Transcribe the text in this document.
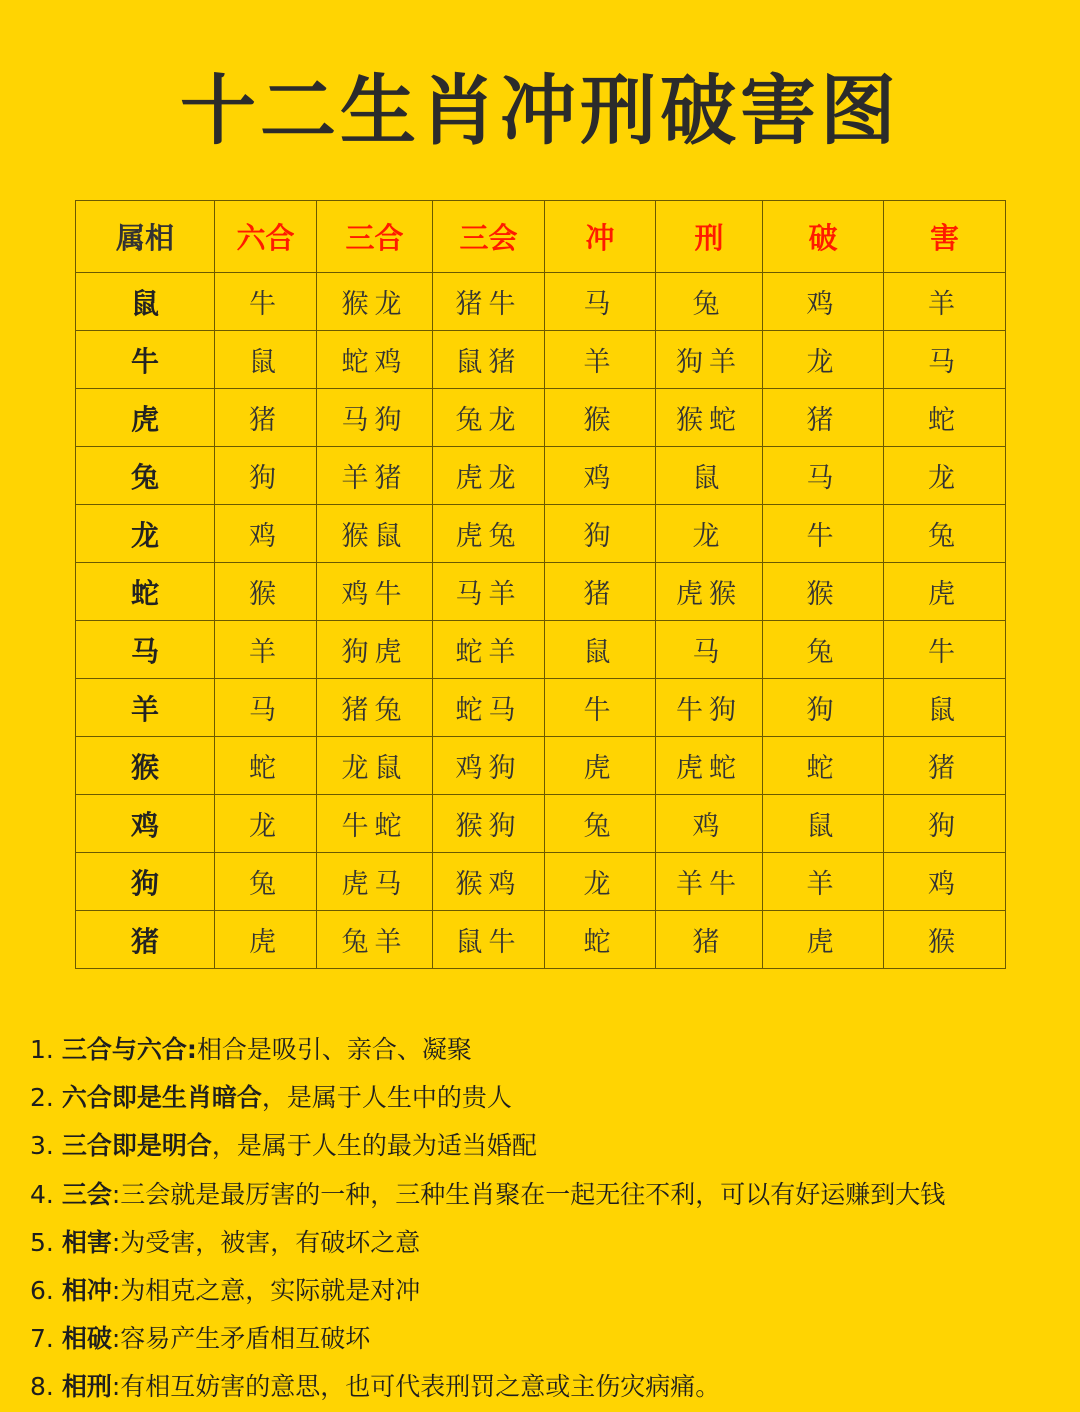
十二生肖冲刑破害图
属相	六合	三合	三会	冲	刑	破	害
鼠	牛	猴龙	猪牛	马	兔	鸡	羊
牛	鼠	蛇鸡	鼠猪	羊	狗羊	龙	马
虎	猪	马狗	兔龙	猴	猴蛇	猪	蛇
兔	狗	羊猪	虎龙	鸡	鼠	马	龙
龙	鸡	猴鼠	虎兔	狗	龙	牛	兔
蛇	猴	鸡牛	马羊	猪	虎猴	猴	虎
马	羊	狗虎	蛇羊	鼠	马	兔	牛
羊	马	猪兔	蛇马	牛	牛狗	狗	鼠
猴	蛇	龙鼠	鸡狗	虎	虎蛇	蛇	猪
鸡	龙	牛蛇	猴狗	兔	鸡	鼠	狗
狗	兔	虎马	猴鸡	龙	羊牛	羊	鸡
猪	虎	兔羊	鼠牛	蛇	猪	虎	猴
1. 三合与六合:相合是吸引、亲合、凝聚
2. 六合即是生肖暗合，是属于人生中的贵人
3. 三合即是明合，是属于人生的最为适当婚配
4. 三会:三会就是最厉害的一种，三种生肖聚在一起无往不利，可以有好运赚到大钱
5. 相害:为受害，被害，有破坏之意
6. 相冲:为相克之意，实际就是对冲
7. 相破:容易产生矛盾相互破坏
8. 相刑:有相互妨害的意思，也可代表刑罚之意或主伤灾病痛。
